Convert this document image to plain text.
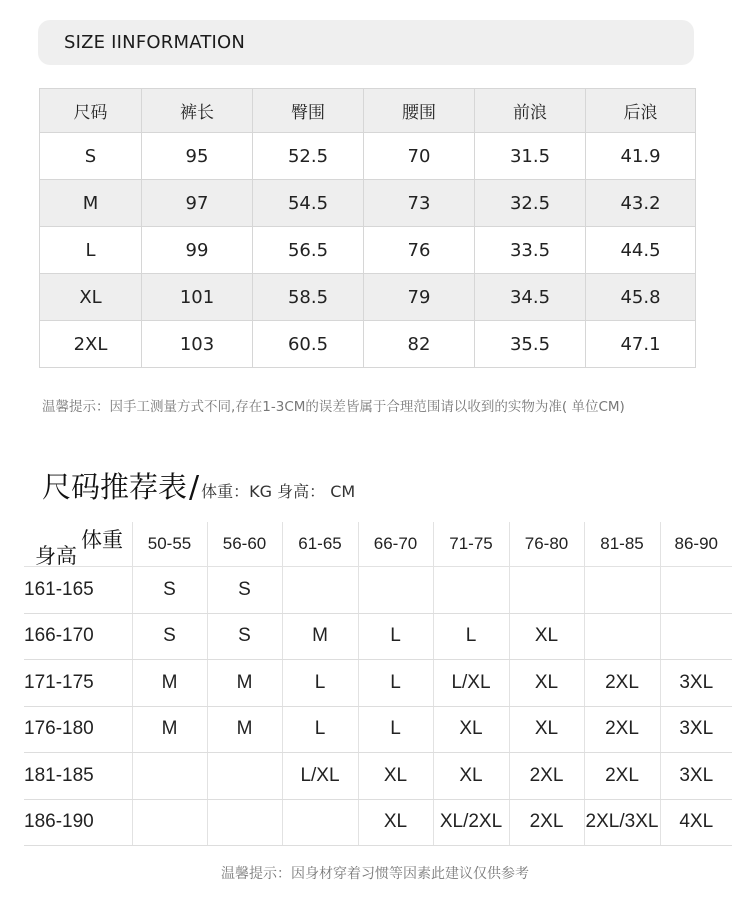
SIZE IINFORMATION
尺码	裤长	臀围	腰围	前浪	后浪
S	95	52.5	70	31.5	41.9
M	97	54.5	73	32.5	43.2
L	99	56.5	76	33.5	44.5
XL	101	58.5	79	34.5	45.8
2XL	103	60.5	82	35.5	47.1
温馨提示：因手工测量方式不同,存在1-3CM的误差皆属于合理范围请以收到的实物为准( 单位CM)
尺码推荐表/ 体重：KG 身高： CM
体重
身高	50-55	56-60	61-65	66-70	71-75	76-80	81-85	86-90
161-165	S	S						
166-170	S	S	M	L	L	XL		
171-175	M	M	L	L	L/XL	XL	2XL	3XL
176-180	M	M	L	L	XL	XL	2XL	3XL
181-185			L/XL	XL	XL	2XL	2XL	3XL
186-190				XL	XL/2XL	2XL	2XL/3XL	4XL
温馨提示：因身材穿着习惯等因素此建议仅供参考
